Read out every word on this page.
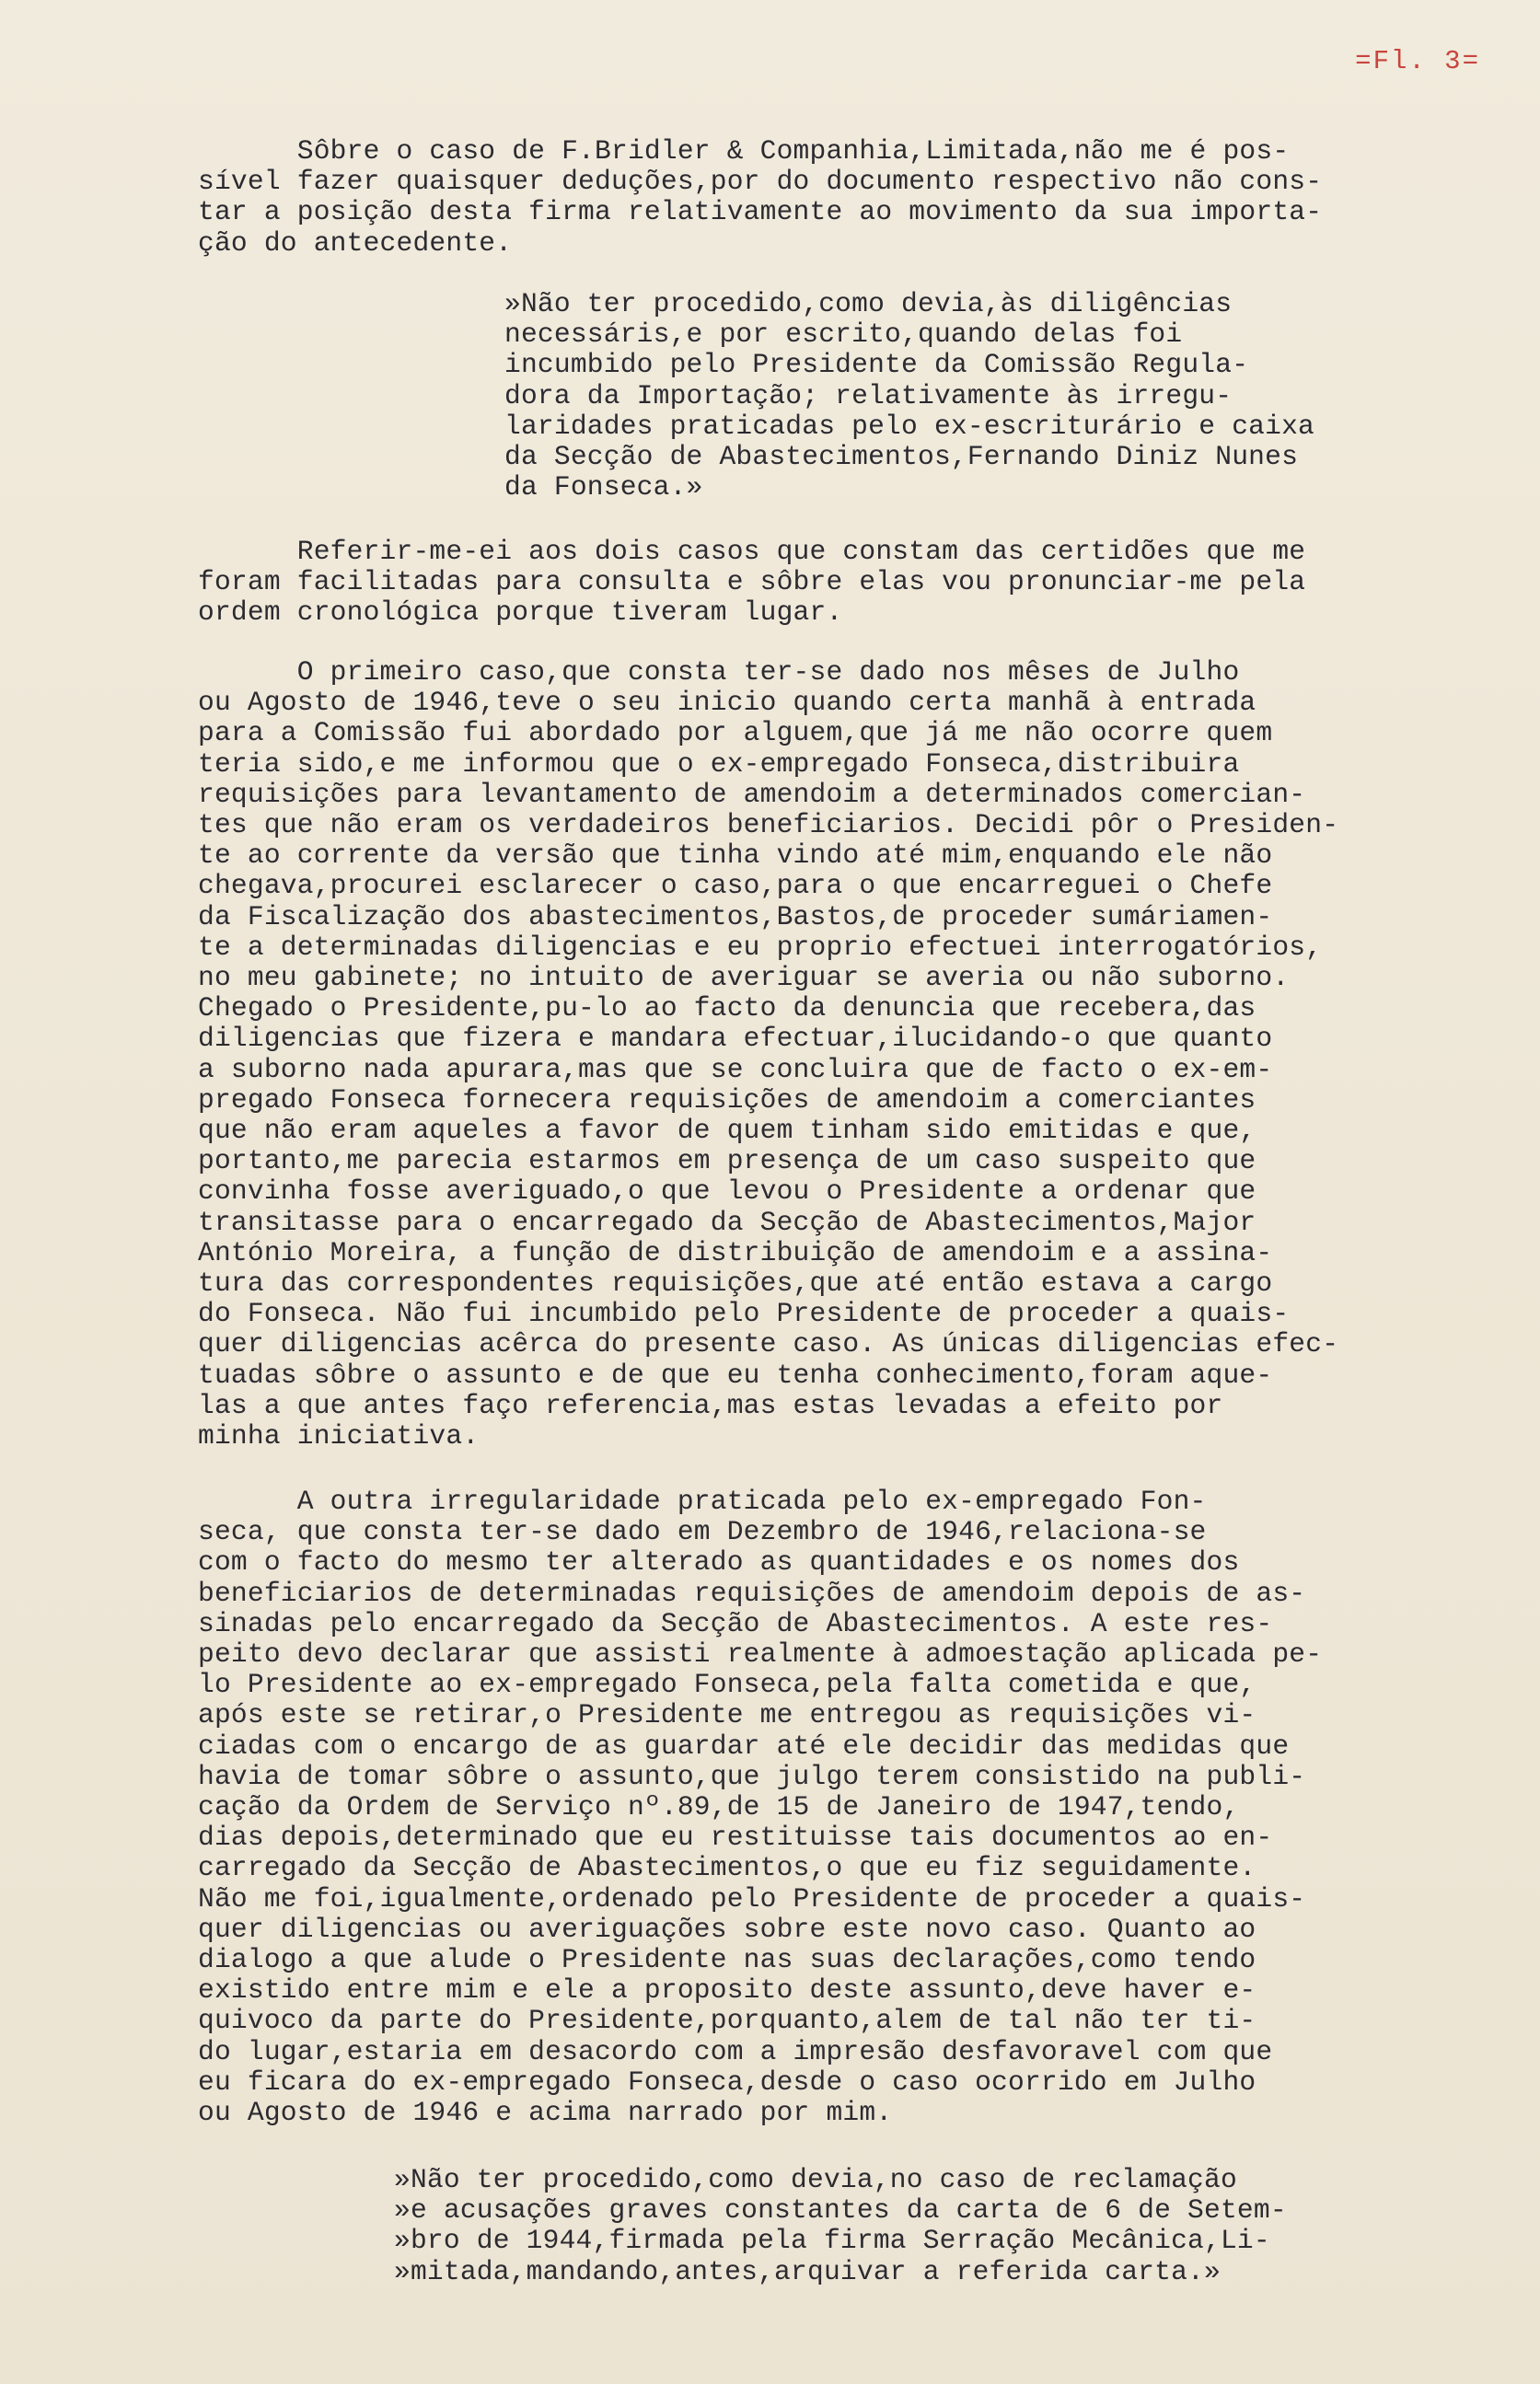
=Fl. 3=
Sôbre o caso de F.Bridler & Companhia,Limitada,não me é pos-
sível fazer quaisquer deduções,por do documento respectivo não cons-
tar a posição desta firma relativamente ao movimento da sua importa-
ção do antecedente.
»Não ter procedido,como devia,às diligências
necessáris,e por escrito,quando delas foi
incumbido pelo Presidente da Comissão Regula-
dora da Importação; relativamente às irregu-
laridades praticadas pelo ex-escriturário e caixa
da Secção de Abastecimentos,Fernando Diniz Nunes
da Fonseca.»
Referir-me-ei aos dois casos que constam das certidões que me
foram facilitadas para consulta e sôbre elas vou pronunciar-me pela
ordem cronológica porque tiveram lugar.
O primeiro caso,que consta ter-se dado nos mêses de Julho
ou Agosto de 1946,teve o seu inicio quando certa manhã à entrada
para a Comissão fui abordado por alguem,que já me não ocorre quem
teria sido,e me informou que o ex-empregado Fonseca,distribuira
requisições para levantamento de amendoim a determinados comercian-
tes que não eram os verdadeiros beneficiarios. Decidi pôr o Presiden-
te ao corrente da versão que tinha vindo até mim,enquando ele não
chegava,procurei esclarecer o caso,para o que encarreguei o Chefe
da Fiscalização dos abastecimentos,Bastos,de proceder sumáriamen-
te a determinadas diligencias e eu proprio efectuei interrogatórios,
no meu gabinete; no intuito de averiguar se averia ou não suborno.
Chegado o Presidente,pu-lo ao facto da denuncia que recebera,das
diligencias que fizera e mandara efectuar,ilucidando-o que quanto
a suborno nada apurara,mas que se concluira que de facto o ex-em-
pregado Fonseca fornecera requisições de amendoim a comerciantes
que não eram aqueles a favor de quem tinham sido emitidas e que,
portanto,me parecia estarmos em presença de um caso suspeito que
convinha fosse averiguado,o que levou o Presidente a ordenar que
transitasse para o encarregado da Secção de Abastecimentos,Major
António Moreira, a função de distribuição de amendoim e a assina-
tura das correspondentes requisições,que até então estava a cargo
do Fonseca. Não fui incumbido pelo Presidente de proceder a quais-
quer diligencias acêrca do presente caso. As únicas diligencias efec-
tuadas sôbre o assunto e de que eu tenha conhecimento,foram aque-
las a que antes faço referencia,mas estas levadas a efeito por
minha iniciativa.
A outra irregularidade praticada pelo ex-empregado Fon-
seca, que consta ter-se dado em Dezembro de 1946,relaciona-se
com o facto do mesmo ter alterado as quantidades e os nomes dos
beneficiarios de determinadas requisições de amendoim depois de as-
sinadas pelo encarregado da Secção de Abastecimentos. A este res-
peito devo declarar que assisti realmente à admoestação aplicada pe-
lo Presidente ao ex-empregado Fonseca,pela falta cometida e que,
após este se retirar,o Presidente me entregou as requisições vi-
ciadas com o encargo de as guardar até ele decidir das medidas que
havia de tomar sôbre o assunto,que julgo terem consistido na publi-
cação da Ordem de Serviço nº.89,de 15 de Janeiro de 1947,tendo,
dias depois,determinado que eu restituisse tais documentos ao en-
carregado da Secção de Abastecimentos,o que eu fiz seguidamente.
Não me foi,igualmente,ordenado pelo Presidente de proceder a quais-
quer diligencias ou averiguações sobre este novo caso. Quanto ao
dialogo a que alude o Presidente nas suas declarações,como tendo
existido entre mim e ele a proposito deste assunto,deve haver e-
quivoco da parte do Presidente,porquanto,alem de tal não ter ti-
do lugar,estaria em desacordo com a impresão desfavoravel com que
eu ficara do ex-empregado Fonseca,desde o caso ocorrido em Julho
ou Agosto de 1946 e acima narrado por mim.
»Não ter procedido,como devia,no caso de reclamação
»e acusações graves constantes da carta de 6 de Setem-
»bro de 1944,firmada pela firma Serração Mecânica,Li-
»mitada,mandando,antes,arquivar a referida carta.»
